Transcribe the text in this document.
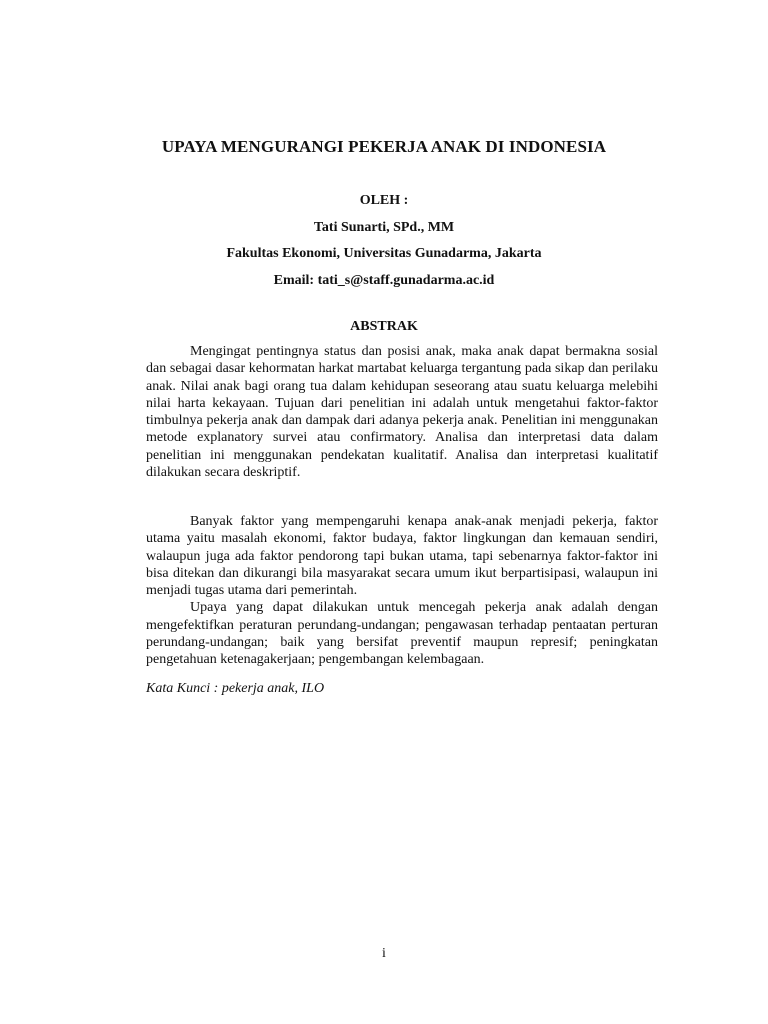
UPAYA MENGURANGI PEKERJA ANAK DI INDONESIA
OLEH :
Tati Sunarti, SPd., MM
Fakultas Ekonomi, Universitas Gunadarma, Jakarta
Email: tati_s@staff.gunadarma.ac.id
ABSTRAK

Mengingat pentingnya status dan posisi anak, maka anak dapat bermakna sosial dan sebagai dasar kehormatan harkat martabat keluarga tergantung pada sikap dan perilaku anak. Nilai anak bagi orang tua dalam kehidupan seseorang atau suatu keluarga melebihi nilai harta kekayaan. Tujuan dari penelitian ini adalah untuk mengetahui faktor-faktor timbulnya pekerja anak dan dampak dari adanya pekerja anak. Penelitian ini menggunakan metode explanatory survei atau confirmatory. Analisa dan interpretasi data dalam penelitian ini menggunakan pendekatan kualitatif. Analisa dan interpretasi kualitatif dilakukan secara deskriptif.

Banyak faktor yang mempengaruhi kenapa anak-anak menjadi pekerja, faktor utama yaitu masalah ekonomi, faktor budaya, faktor lingkungan dan kemauan sendiri, walaupun juga ada faktor pendorong tapi bukan utama, tapi sebenarnya faktor-faktor ini bisa ditekan dan dikurangi bila masyarakat secara umum ikut berpartisipasi, walaupun ini menjadi tugas utama dari pemerintah.

Upaya yang dapat dilakukan untuk mencegah pekerja anak adalah dengan mengefektifkan peraturan perundang-undangan; pengawasan terhadap pentaatan perturan perundang-undangan; baik yang bersifat preventif maupun represif; peningkatan pengetahuan ketenagakerjaan; pengembangan kelembagaan.

Kata Kunci : pekerja anak, ILO
i
